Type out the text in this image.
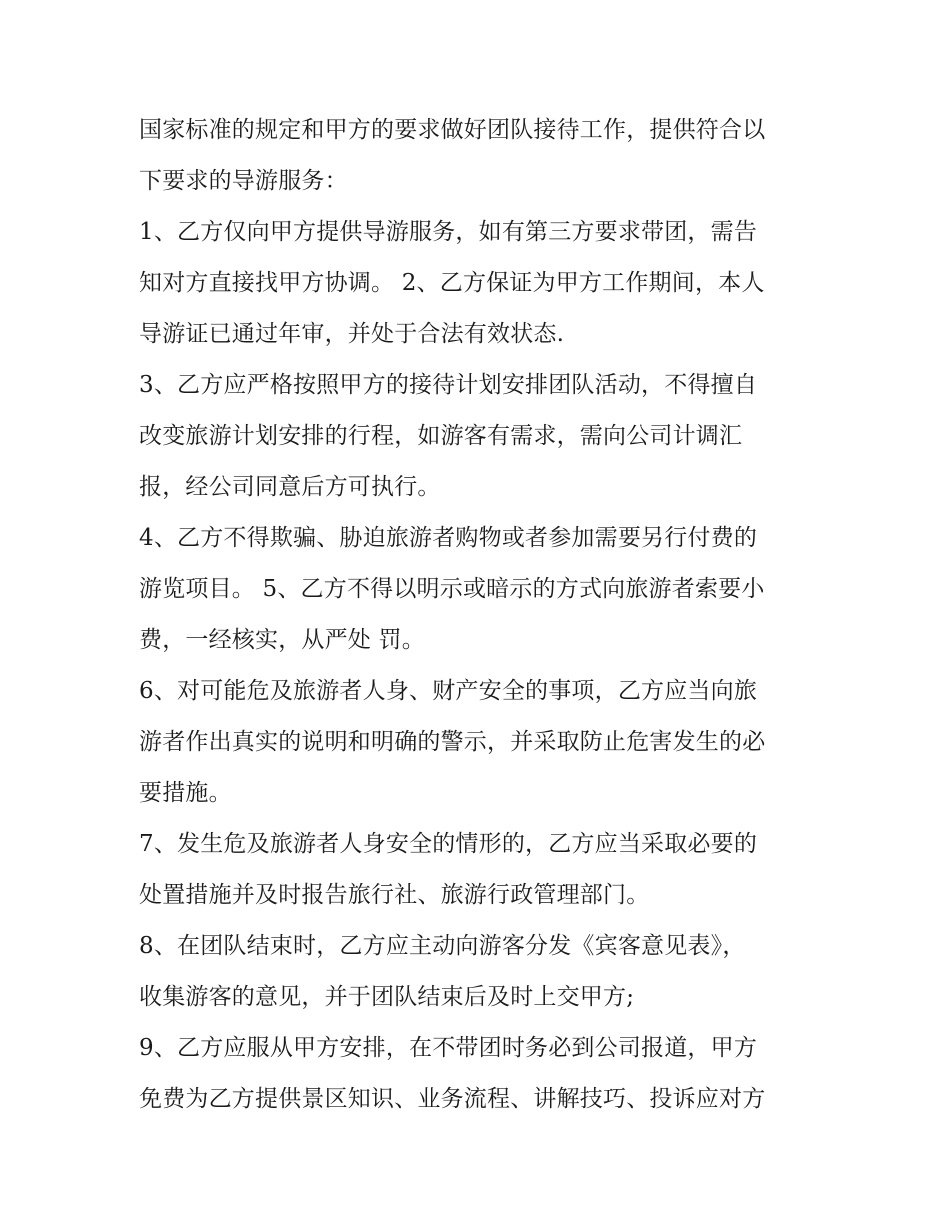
国家标准的规定和甲方的要求做好团队接待工作，提供符合以
下要求的导游服务：
1、乙方仅向甲方提供导游服务，如有第三方要求带团，需告
知对方直接找甲方协调。 2、乙方保证为甲方工作期间，本人
导游证已通过年审，并处于合法有效状态.
3、乙方应严格按照甲方的接待计划安排团队活动，不得擅自
改变旅游计划安排的行程，如游客有需求，需向公司计调汇
报，经公司同意后方可执行。
4、乙方不得欺骗、胁迫旅游者购物或者参加需要另行付费的
游览项目。 5、乙方不得以明示或暗示的方式向旅游者索要小
费，一经核实，从严处 罚。
6、对可能危及旅游者人身、财产安全的事项，乙方应当向旅
游者作出真实的说明和明确的警示，并采取防止危害发生的必
要措施。
7、发生危及旅游者人身安全的情形的，乙方应当采取必要的
处置措施并及时报告旅行社、旅游行政管理部门。
8、在团队结束时，乙方应主动向游客分发《宾客意见表》，
收集游客的意见，并于团队结束后及时上交甲方;
9、乙方应服从甲方安排，在不带团时务必到公司报道，甲方
免费为乙方提供景区知识、业务流程、讲解技巧、投诉应对方
